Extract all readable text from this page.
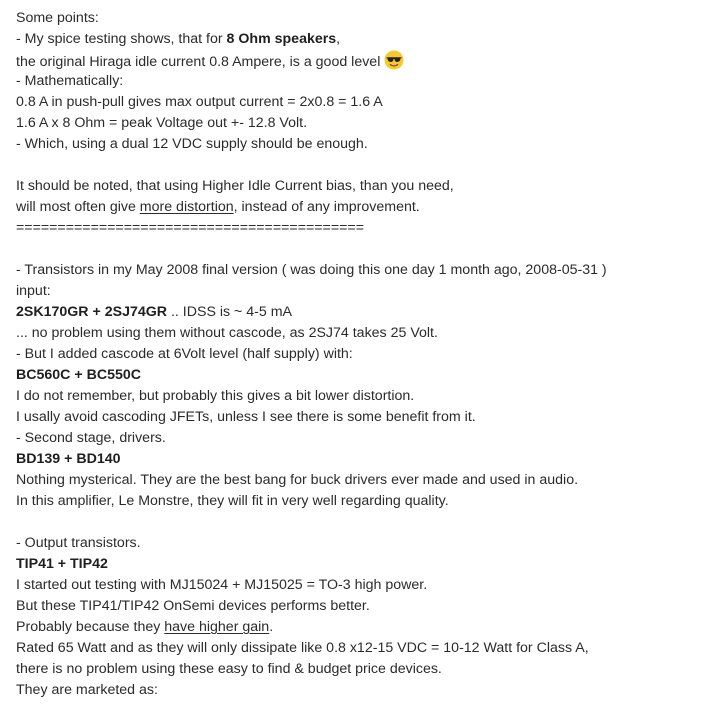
Some points:
- My spice testing shows, that for 8 Ohm speakers,
the original Hiraga idle current 0.8 Ampere, is a good level
- Mathematically:
0.8 A in push-pull gives max output current = 2x0.8 = 1.6 A
1.6 A x 8 Ohm = peak Voltage out +- 12.8 Volt.
- Which, using a dual 12 VDC supply should be enough.
It should be noted, that using Higher Idle Current bias, than you need,
will most often give more distortion, instead of any improvement.
==========================================
- Transistors in my May 2008 final version ( was doing this one day 1 month ago, 2008-05-31 )
input:
2SK170GR + 2SJ74GR .. IDSS is ~ 4-5 mA
... no problem using them without cascode, as 2SJ74 takes 25 Volt.
- But I added cascode at 6Volt level (half supply) with:
BC560C + BC550C
I do not remember, but probably this gives a bit lower distortion.
I usally avoid cascoding JFETs, unless I see there is some benefit from it.
- Second stage, drivers.
BD139 + BD140
Nothing mysterical. They are the best bang for buck drivers ever made and used in audio.
In this amplifier, Le Monstre, they will fit in very well regarding quality.
- Output transistors.
TIP41 + TIP42
I started out testing with MJ15024 + MJ15025 = TO-3 high power.
But these TIP41/TIP42 OnSemi devices performs better.
Probably because they have higher gain.
Rated 65 Watt and as they will only dissipate like 0.8 x12-15 VDC = 10-12 Watt for Class A,
there is no problem using these easy to find & budget price devices.
They are marketed as:
